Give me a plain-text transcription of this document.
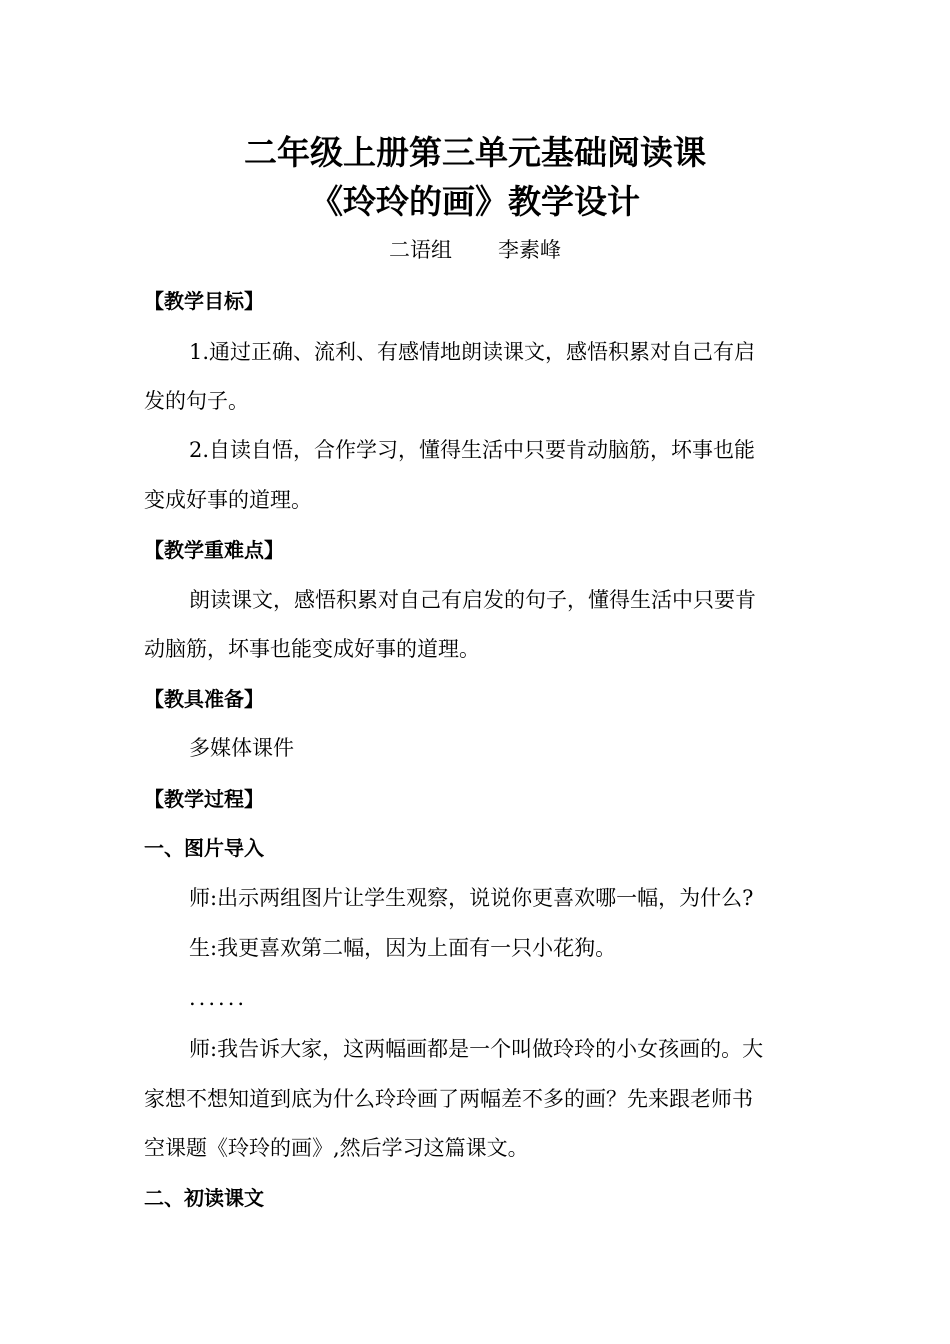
二年级上册第三单元基础阅读课
《玲玲的画》教学设计
二语组 李素峰
【教学目标】
1.通过正确、流利、有感情地朗读课文，感悟积累对自己有启
发的句子。
2.自读自悟，合作学习，懂得生活中只要肯动脑筋，坏事也能
变成好事的道理。
【教学重难点】
朗读课文，感悟积累对自己有启发的句子，懂得生活中只要肯
动脑筋，坏事也能变成好事的道理。
【教具准备】
多媒体课件
【教学过程】
一、图片导入
师:出示两组图片让学生观察，说说你更喜欢哪一幅，为什么?
生:我更喜欢第二幅，因为上面有一只小花狗。
......
师:我告诉大家，这两幅画都是一个叫做玲玲的小女孩画的。大
家想不想知道到底为什么玲玲画了两幅差不多的画？先来跟老师书
空课题《玲玲的画》,然后学习这篇课文。
二、初读课文
